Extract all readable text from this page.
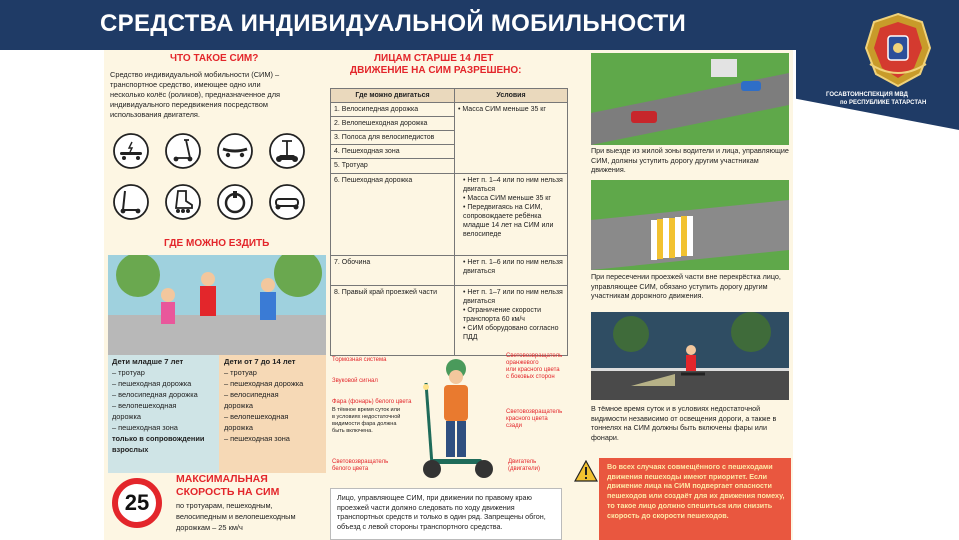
СРЕДСТВА ИНДИВИДУАЛЬНОЙ МОБИЛЬНОСТИ
ГОСАВТОИНСПЕКЦИЯ МВД
по РЕСПУБЛИКЕ ТАТАРСТАН
ЧТО ТАКОЕ СИМ?
Средство индивидуальной мобильности (СИМ) –
транспортное средство, имеющее одно или
несколько колёс (роликов), предназначенное для
индивидуального передвижения посредством
использования двигателя.
ГДЕ МОЖНО ЕЗДИТЬ
Дети младше 7 лет
– тротуар
– пешеходная дорожка
– велосипедная дорожка
– велопешеходная
дорожка
– пешеходная зона
только в сопровождении
взрослых
Дети от 7 до 14 лет
– тротуар
– пешеходная дорожка
– велосипедная
дорожка
– велопешеходная
дорожка
– пешеходная зона
25
МАКСИМАЛЬНАЯ
СКОРОСТЬ НА СИМ
по тротуарам, пешеходным,
велосипедным и велопешеходным
дорожкам – 25 км/ч
ЛИЦАМ СТАРШЕ 14 ЛЕТ
ДВИЖЕНИЕ НА СИМ РАЗРЕШЕНО:
Где можно двигаться	Условия
1. Велосипедная дорожка	• Масса СИМ меньше 35 кг
2. Велопешеходная дорожка	
3. Полоса для велосипедистов	
4. Пешеходная зона	
5. Тротуар	
6. Пешеходная дорожка	• Нет п. 1–4 или по ним нельзя двигаться
• Масса СИМ меньше 35 кг
• Передвигаясь на СИМ, сопровождаете ребёнка младше 14 лет на СИМ или велосипеде
7. Обочина	• Нет п. 1–6 или по ним нельзя двигаться
8. Правый край проезжей части	• Нет п. 1–7 или по ним нельзя двигаться
• Ограничение скорости транспорта 60 км/ч
• СИМ оборудовано согласно ПДД
Тормозная система
Звуковой сигнал
Фара (фонарь) белого цвета
В тёмное время суток или
в условиях недостаточной
видимости фара должна
быть включена.
Световозвращатель
белого цвета
Световозвращатель
оранжевого
или красного цвета
с боковых сторон
Световозвращатель
красного цвета
сзади
Двигатель
(двигатели)
Лицо, управляющее СИМ, при движении по правому краю проезжей части должно следовать по ходу движения транспортных средств и только в один ряд. Запрещены обгон, объезд с левой стороны транспортного средства.
При выезде из жилой зоны водители и лица, управляющие СИМ, должны уступить дорогу другим участникам движения.
При пересечении проезжей части вне перекрёстка лицо, управляющее СИМ, обязано уступить дорогу другим участникам дорожного движения.
В тёмное время суток и в условиях недостаточной видимости независимо от освещения дороги, а также в тоннелях на СИМ должны быть включены фары или фонари.
Во всех случаях совмещённого с пешеходами движения пешеходы имеют приоритет. Если движение лица на СИМ подвергает опасности пешеходов или создаёт для их движения помеху, то такое лицо должно спешиться или снизить скорость до скорости пешеходов.
